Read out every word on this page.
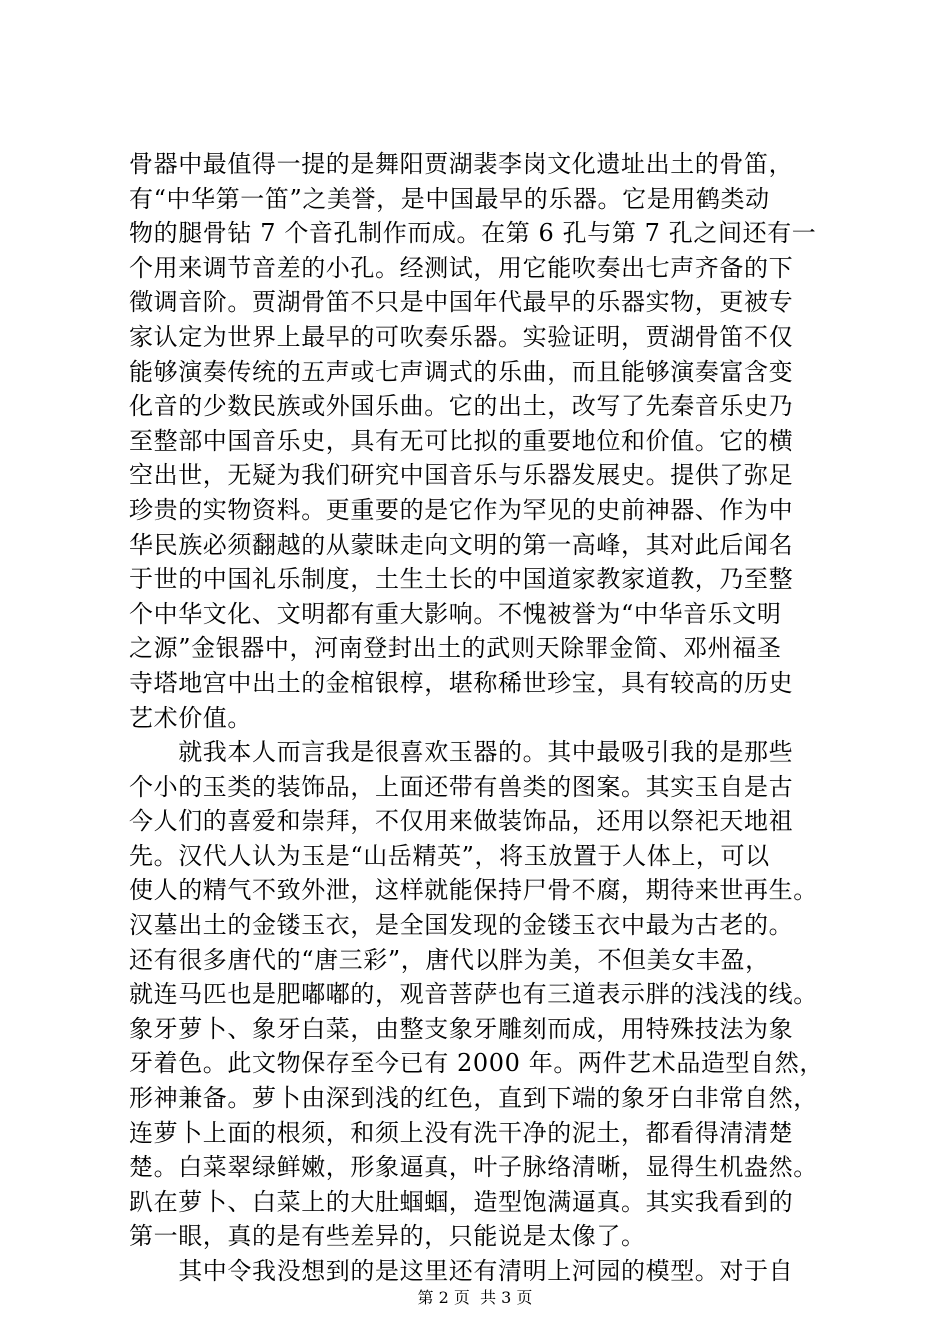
骨器中最值得一提的是舞阳贾湖裴李岗文化遗址出土的骨笛，
有“中华第一笛”之美誉，是中国最早的乐器。它是用鹤类动
物的腿骨钻 7 个音孔制作而成。在第 6 孔与第 7 孔之间还有一
个用来调节音差的小孔。经测试，用它能吹奏出七声齐备的下
徵调音阶。贾湖骨笛不只是中国年代最早的乐器实物，更被专
家认定为世界上最早的可吹奏乐器。实验证明，贾湖骨笛不仅
能够演奏传统的五声或七声调式的乐曲，而且能够演奏富含变
化音的少数民族或外国乐曲。它的出土，改写了先秦音乐史乃
至整部中国音乐史，具有无可比拟的重要地位和价值。它的横
空出世，无疑为我们研究中国音乐与乐器发展史。提供了弥足
珍贵的实物资料。更重要的是它作为罕见的史前神器、作为中
华民族必须翻越的从蒙昧走向文明的第一高峰，其对此后闻名
于世的中国礼乐制度，土生土长的中国道家教家道教，乃至整
个中华文化、文明都有重大影响。不愧被誉为“中华音乐文明
之源”金银器中，河南登封出土的武则天除罪金简、邓州福圣
寺塔地宫中出土的金棺银椁，堪称稀世珍宝，具有较高的历史
艺术价值。
　　就我本人而言我是很喜欢玉器的。其中最吸引我的是那些
个小的玉类的装饰品，上面还带有兽类的图案。其实玉自是古
今人们的喜爱和崇拜，不仅用来做装饰品，还用以祭祀天地祖
先。汉代人认为玉是“山岳精英”，将玉放置于人体上，可以
使人的精气不致外泄，这样就能保持尸骨不腐，期待来世再生。
汉墓出土的金镂玉衣，是全国发现的金镂玉衣中最为古老的。
还有很多唐代的“唐三彩”，唐代以胖为美，不但美女丰盈，
就连马匹也是肥嘟嘟的，观音菩萨也有三道表示胖的浅浅的线。
象牙萝卜、象牙白菜，由整支象牙雕刻而成，用特殊技法为象
牙着色。此文物保存至今已有 2000 年。两件艺术品造型自然，
形神兼备。萝卜由深到浅的红色，直到下端的象牙白非常自然，
连萝卜上面的根须，和须上没有洗干净的泥土，都看得清清楚
楚。白菜翠绿鲜嫩，形象逼真，叶子脉络清晰，显得生机盎然。
趴在萝卜、白菜上的大肚蝈蝈，造型饱满逼真。其实我看到的
第一眼，真的是有些差异的，只能说是太像了。
　　其中令我没想到的是这里还有清明上河园的模型。对于自
第 2 页 共 3 页
